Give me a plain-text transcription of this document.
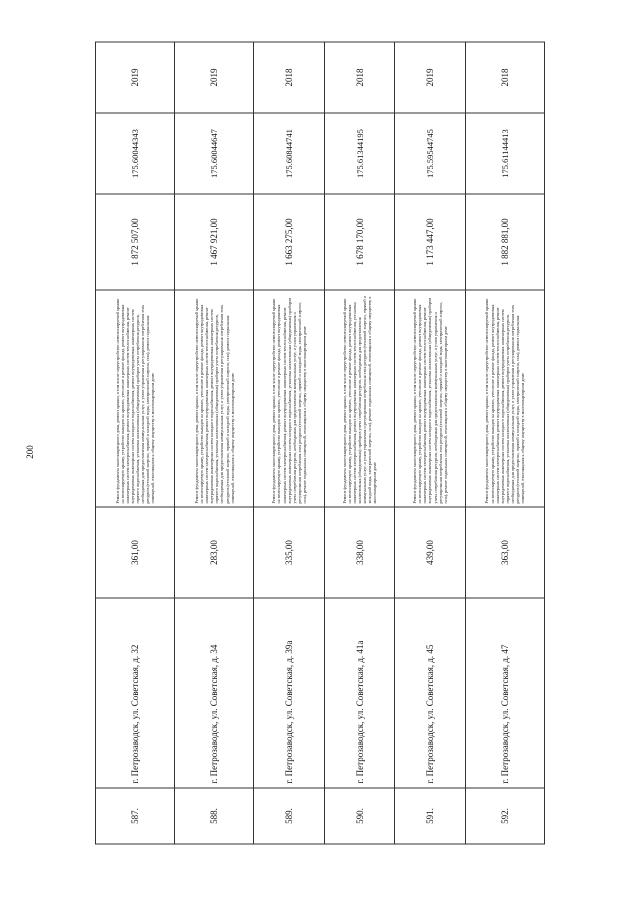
200
587.	г. Петрозаводск, ул. Советская, д. 32	361,00	Ремонт фундамента многоквартирного дома, ремонт крыши, в том числе переустройство невентилируемой крыши на вентилируемую крышу, устройство выходов на кровлю, утепление и ремонт фасада, ремонт внутридомовых инженерных систем электроснабжения, ремонт внутридомовых инженерных систем теплоснабжения, ремонт внутридомовых инженерных систем холодного водоснабжения, ремонт внутридомовых инженерных систем горячего водоснабжения, установка коллективных (общедомовых) приборов учета потребления ресурсов, необходимых для предоставления коммунальных услуг, и узлов управления и регулирования потребления этих ресурсов (тепловой энергии, горячей и холодной воды, электрической энергии, газа), ремонт подвальных помещений, относящихся к общему имуществу в многоквартирном доме	1 872 507,00	175.60044343	2019
588.	г. Петрозаводск, ул. Советская, д. 34	283,00	Ремонт фундамента многоквартирного дома, ремонт крыши, в том числе переустройство невентилируемой крыши на вентилируемую крышу, устройство выходов на кровлю, утепление и ремонт фасада, ремонт внутридомовых инженерных систем электроснабжения, ремонт внутридомовых инженерных систем теплоснабжения, ремонт внутридомовых инженерных систем холодного водоснабжения, ремонт внутридомовых инженерных систем горячего водоснабжения, установка коллективных (общедомовых) приборов учета потребления ресурсов, необходимых для предоставления коммунальных услуг, и узлов управления и регулирования потребления этих ресурсов (тепловой энергии, горячей и холодной воды, электрической энергии, газа), ремонт подвальных помещений, относящихся к общему имуществу в многоквартирном доме	1 467 921,00	175.60044647	2019
589.	г. Петрозаводск, ул. Советская, д. 39а	335,00	Ремонт фундамента многоквартирного дома, ремонт крыши, в том числе переустройство невентилируемой крыши на вентилируемую крышу, устройство выходов на кровлю, утепление и ремонт фасада, ремонт внутридомовых инженерных систем электроснабжения, ремонт внутридомовых инженерных систем теплоснабжения, ремонт внутридомовых инженерных систем холодного водоснабжения, установка коллективных (общедомовых) приборов учета потребления ресурсов, необходимых для предоставления коммунальных услуг, и узлов управления и регулирования потребления этих ресурсов (тепловой энергии, горячей и холодной воды, электрической энергии, газа), ремонт подвальных помещений, относящихся к общему имуществу в многоквартирном доме	1 663 275,00	175.60844741	2018
590.	г. Петрозаводск, ул. Советская, д. 41а	338,00	Ремонт фундамента многоквартирного дома, ремонт крыши, в том числе переустройство невентилируемой крыши на вентилируемую крышу, устройство выходов на кровлю, утепление и ремонт фасада, ремонт внутридомовых инженерных систем электроснабжения, ремонт внутридомовых инженерных систем теплоснабжения, установка коллективных (общедомовых) приборов учета потребления ресурсов, необходимых для предоставления коммунальных услуг, и узлов управления и регулирования потребления этих ресурсов (тепловой энергии, горячей и холодной воды, электрической энергии, газа), ремонт подвальных помещений, относящихся к общему имуществу в многоквартирном доме	1 678 170,00	175.61344195	2018
591.	г. Петрозаводск, ул. Советская, д. 45	439,00	Ремонт фундамента многоквартирного дома, ремонт крыши, в том числе переустройство невентилируемой крыши на вентилируемую крышу, устройство выходов на кровлю, утепление и ремонт фасада, ремонт внутридомовых инженерных систем электроснабжения, ремонт внутридомовых инженерных систем теплоснабжения, ремонт внутридомовых инженерных систем холодного водоснабжения, установка коллективных (общедомовых) приборов учета потребления ресурсов, необходимых для предоставления коммунальных услуг, и узлов управления и регулирования потребления этих ресурсов (тепловой энергии, горячей и холодной воды, электрической энергии, газа), ремонт подвальных помещений, относящихся к общему имуществу в многоквартирном доме	1 173 447,00	175.59544745	2019
592.	г. Петрозаводск, ул. Советская, д. 47	363,00	Ремонт фундамента многоквартирного дома, ремонт крыши, в том числе переустройство невентилируемой крыши на вентилируемую крышу, устройство выходов на кровлю, утепление и ремонт фасада, ремонт внутридомовых инженерных систем электроснабжения, ремонт внутридомовых инженерных систем теплоснабжения, ремонт внутридомовых инженерных систем холодного водоснабжения, ремонт внутридомовых инженерных систем горячего водоснабжения, установка коллективных (общедомовых) приборов учета потребления ресурсов, необходимых для предоставления коммунальных услуг, и узлов управления и регулирования потребления этих ресурсов (тепловой энергии, горячей и холодной воды, электрической энергии, газа), ремонт подвальных помещений, относящихся к общему имуществу в многоквартирном доме	1 882 881,00	175.61144413	2018
